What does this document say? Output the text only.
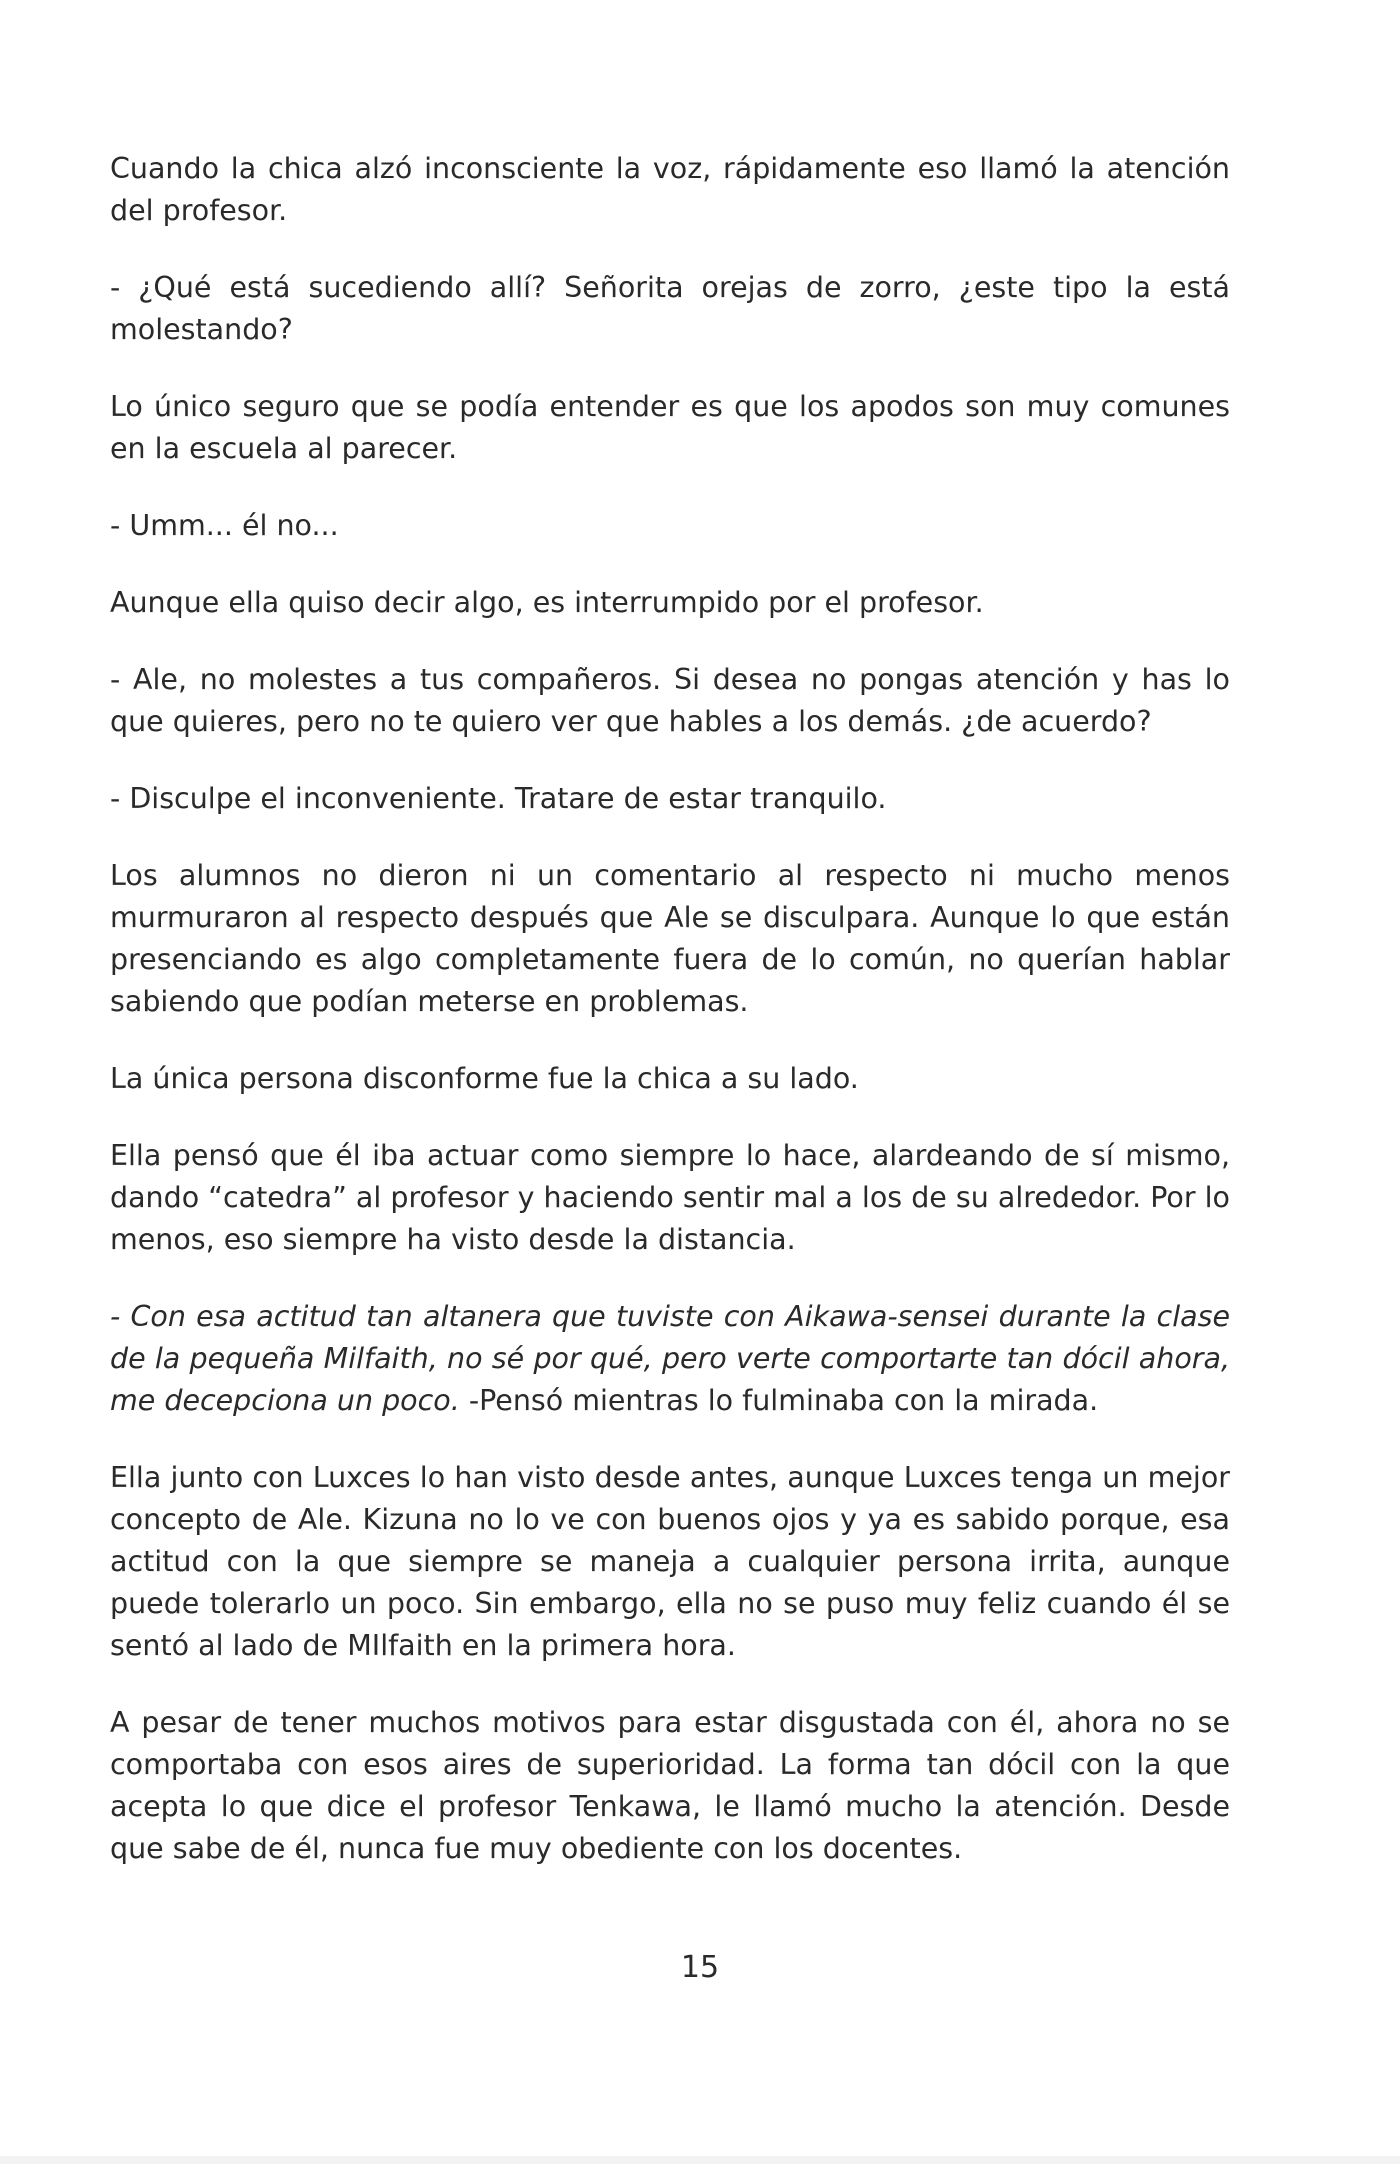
Cuando la chica alzó inconsciente la voz, rápidamente eso llamó la atención del profesor.

- ¿Qué está sucediendo allí? Señorita orejas de zorro, ¿este tipo la está molestando?

Lo único seguro que se podía entender es que los apodos son muy comunes en la escuela al parecer.

- Umm... él no...

Aunque ella quiso decir algo, es interrumpido por el profesor.

- Ale, no molestes a tus compañeros. Si desea no pongas atención y has lo que quieres, pero no te quiero ver que hables a los demás. ¿de acuerdo?

- Disculpe el inconveniente. Tratare de estar tranquilo.

Los alumnos no dieron ni un comentario al respecto ni mucho menos murmuraron al respecto después que Ale se disculpara. Aunque lo que están presenciando es algo completamente fuera de lo común, no querían hablar sabiendo que podían meterse en problemas.

La única persona disconforme fue la chica a su lado.

Ella pensó que él iba actuar como siempre lo hace, alardeando de sí mismo, dando “catedra” al profesor y haciendo sentir mal a los de su alrededor. Por lo menos, eso siempre ha visto desde la distancia.

- Con esa actitud tan altanera que tuviste con Aikawa-sensei durante la clase de la pequeña Milfaith, no sé por qué, pero verte comportarte tan dócil ahora, me decepciona un poco. -Pensó mientras lo fulminaba con la mirada.

Ella junto con Luxces lo han visto desde antes, aunque Luxces tenga un mejor concepto de Ale. Kizuna no lo ve con buenos ojos y ya es sabido porque, esa actitud con la que siempre se maneja a cualquier persona irrita, aunque puede tolerarlo un poco. Sin embargo, ella no se puso muy feliz cuando él se sentó al lado de MIlfaith en la primera hora.

A pesar de tener muchos motivos para estar disgustada con él, ahora no se comportaba con esos aires de superioridad. La forma tan dócil con la que acepta lo que dice el profesor Tenkawa, le llamó mucho la atención. Desde que sabe de él, nunca fue muy obediente con los docentes.

15
